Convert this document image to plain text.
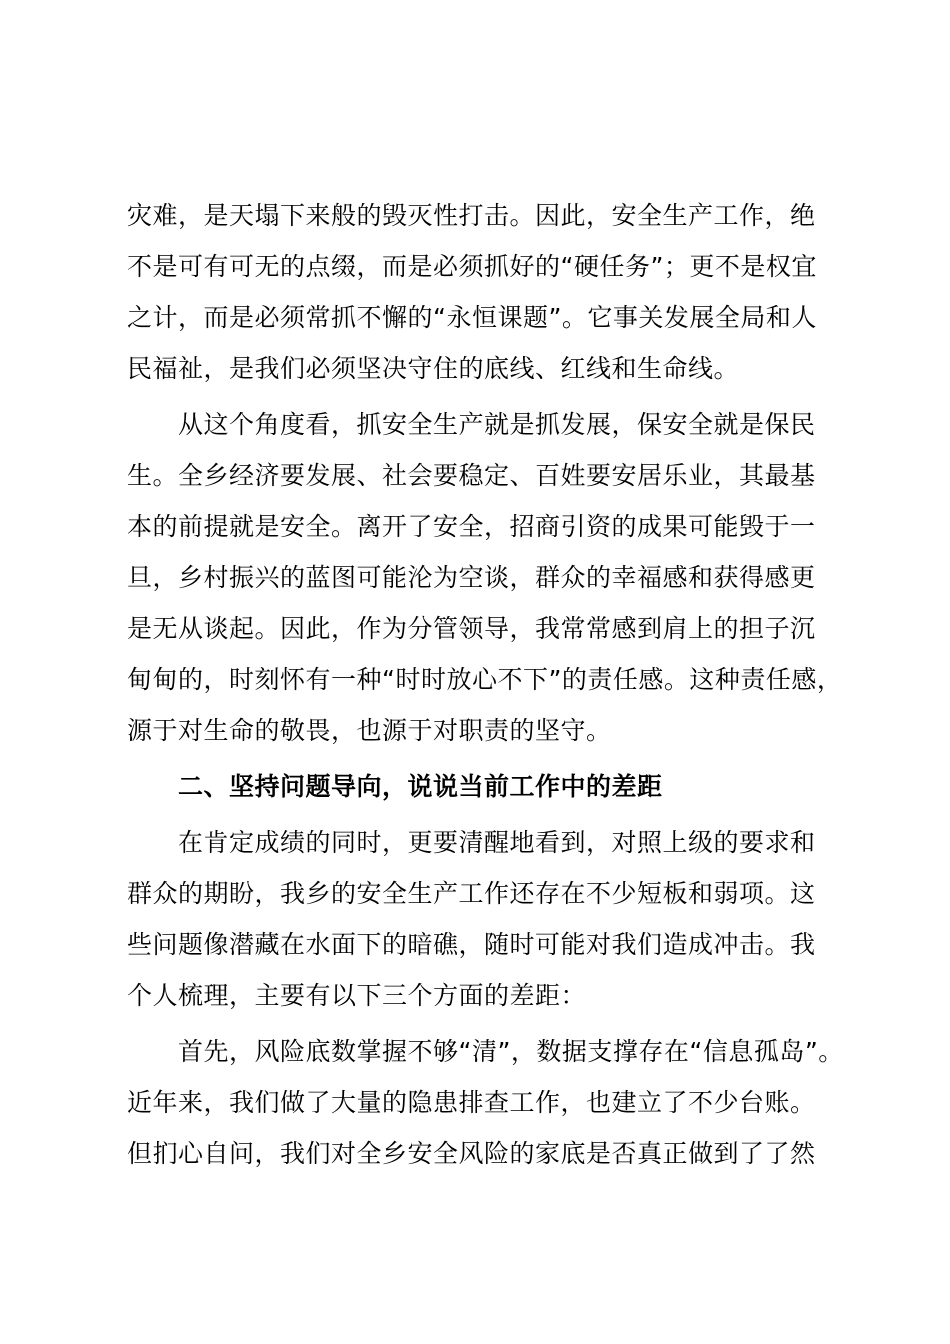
灾难，是天塌下来般的毁灭性打击。因此，安全生产工作，绝
不是可有可无的点缀，而是必须抓好的“硬任务”；更不是权宜
之计，而是必须常抓不懈的“永恒课题”。它事关发展全局和人
民福祉，是我们必须坚决守住的底线、红线和生命线。
从这个角度看，抓安全生产就是抓发展，保安全就是保民
生。全乡经济要发展、社会要稳定、百姓要安居乐业，其最基
本的前提就是安全。离开了安全，招商引资的成果可能毁于一
旦，乡村振兴的蓝图可能沦为空谈，群众的幸福感和获得感更
是无从谈起。因此，作为分管领导，我常常感到肩上的担子沉
甸甸的，时刻怀有一种“时时放心不下”的责任感。这种责任感，
源于对生命的敬畏，也源于对职责的坚守。
二、坚持问题导向，说说当前工作中的差距
在肯定成绩的同时，更要清醒地看到，对照上级的要求和
群众的期盼，我乡的安全生产工作还存在不少短板和弱项。这
些问题像潜藏在水面下的暗礁，随时可能对我们造成冲击。我
个人梳理，主要有以下三个方面的差距：
首先，风险底数掌握不够“清”，数据支撑存在“信息孤岛”。
近年来，我们做了大量的隐患排查工作，也建立了不少台账。
但扪心自问，我们对全乡安全风险的家底是否真正做到了了然
